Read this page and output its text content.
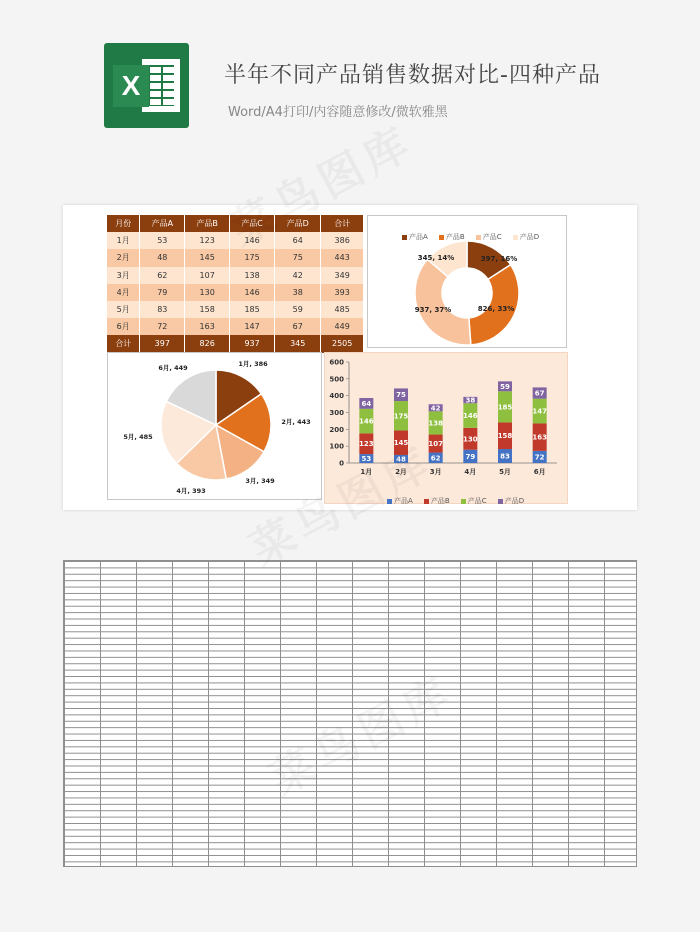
X	半年不同产品销售数据对比-四种产品
Word/A4打印/内容随意修改/微软雅黑
月份	产品A	产品B	产品C	产品D	合计
1月	53	123	146	64	386
2月	48	145	175	75	443
3月	62	107	138	42	349
4月	79	130	146	38	393
5月	83	158	185	59	485
6月	72	163	147	67	449
合计	397	826	937	345	2505
产品A	产品B	产品C	产品D
397, 16%
826, 33%
937, 37%
345, 14%
1月, 386
2月, 443
3月, 349
4月, 393
5月, 485
6月, 449
0
100
200
300
400
500
600
53
123
146
64
1月
48
145
175
75
2月
62
107
138
42
3月
79
130
146
38
4月
83
158
185
59
5月
72
163
147
67
6月
产品A	产品B	产品C	产品D
